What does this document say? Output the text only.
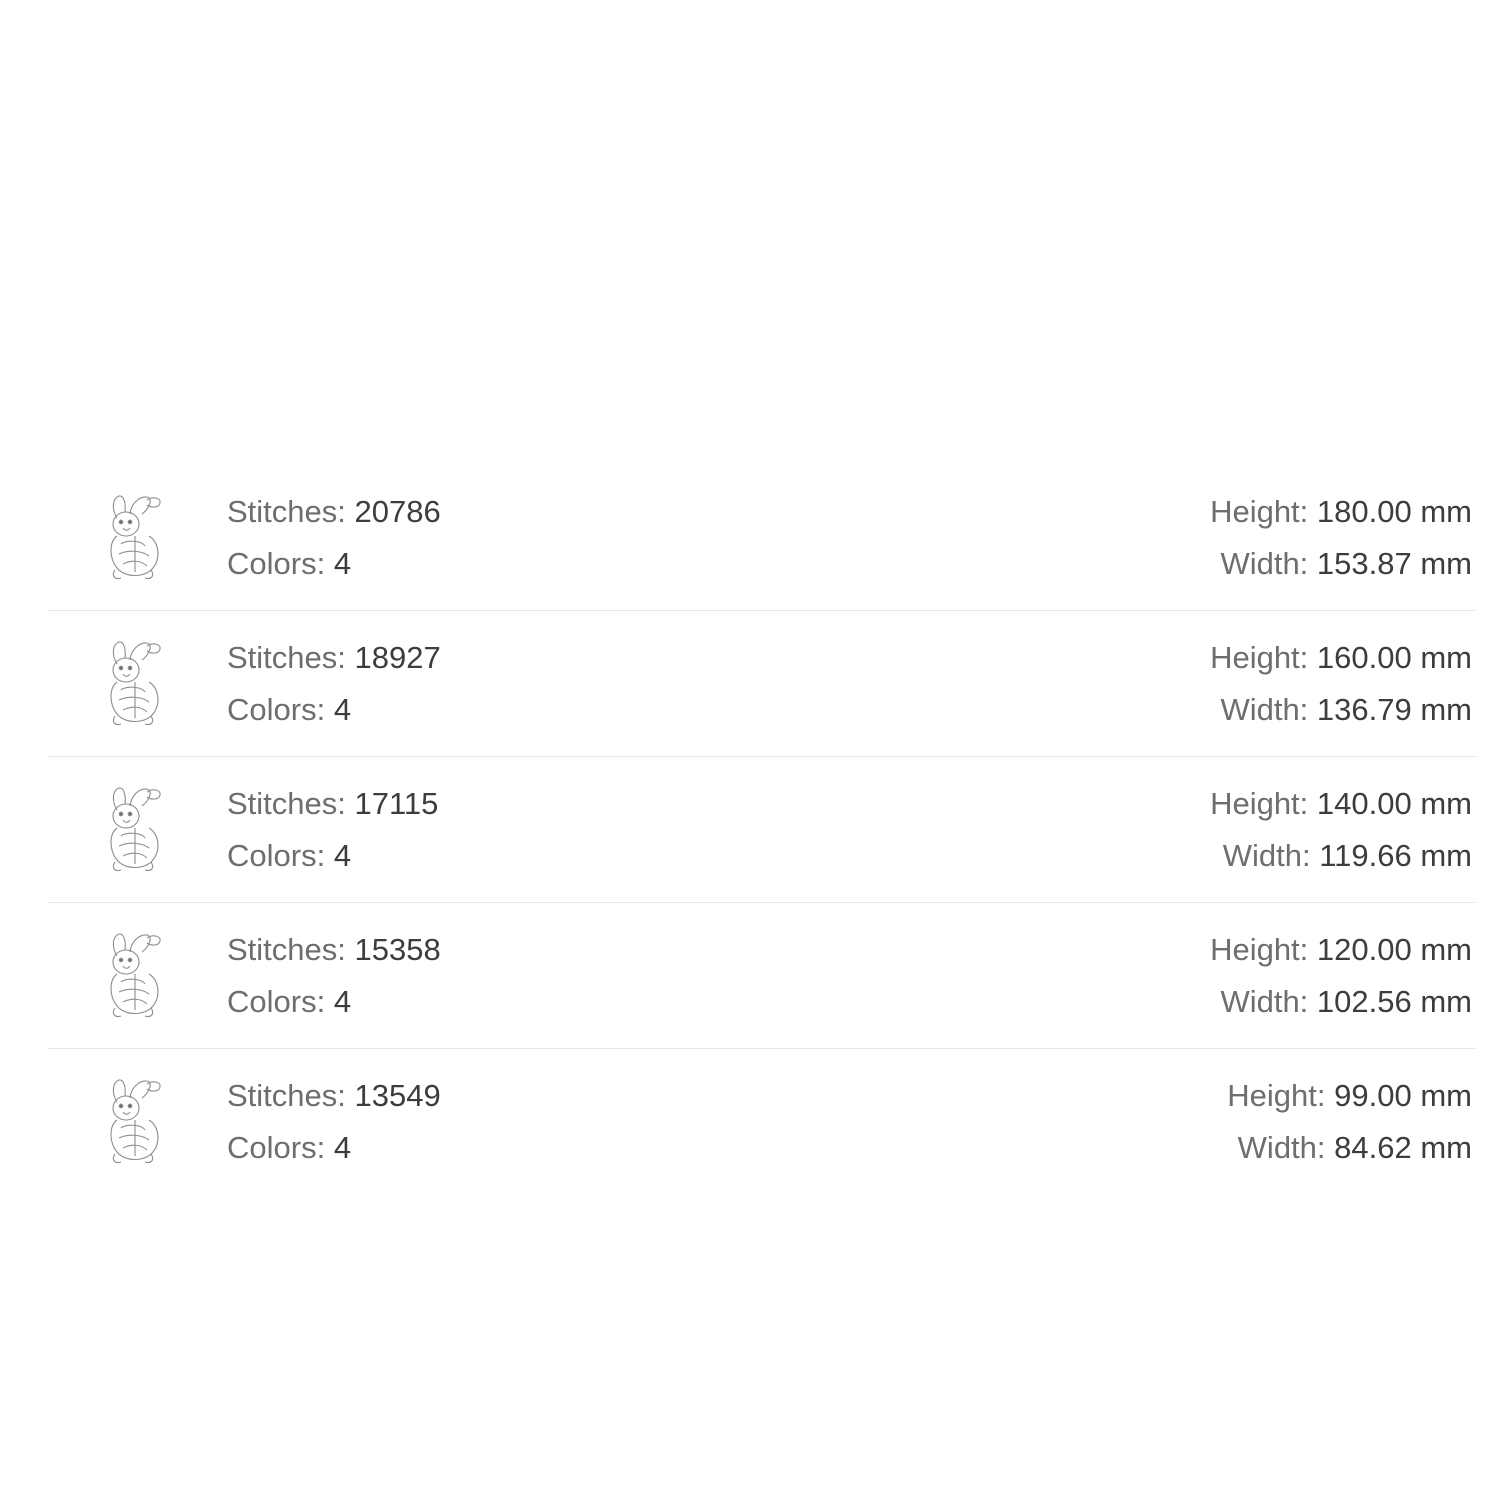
Stitches: 20786
Colors: 4
Height: 180.00 mm
Width: 153.87 mm
Stitches: 18927
Colors: 4
Height: 160.00 mm
Width: 136.79 mm
Stitches: 17115
Colors: 4
Height: 140.00 mm
Width: 119.66 mm
Stitches: 15358
Colors: 4
Height: 120.00 mm
Width: 102.56 mm
Stitches: 13549
Colors: 4
Height: 99.00 mm
Width: 84.62 mm
